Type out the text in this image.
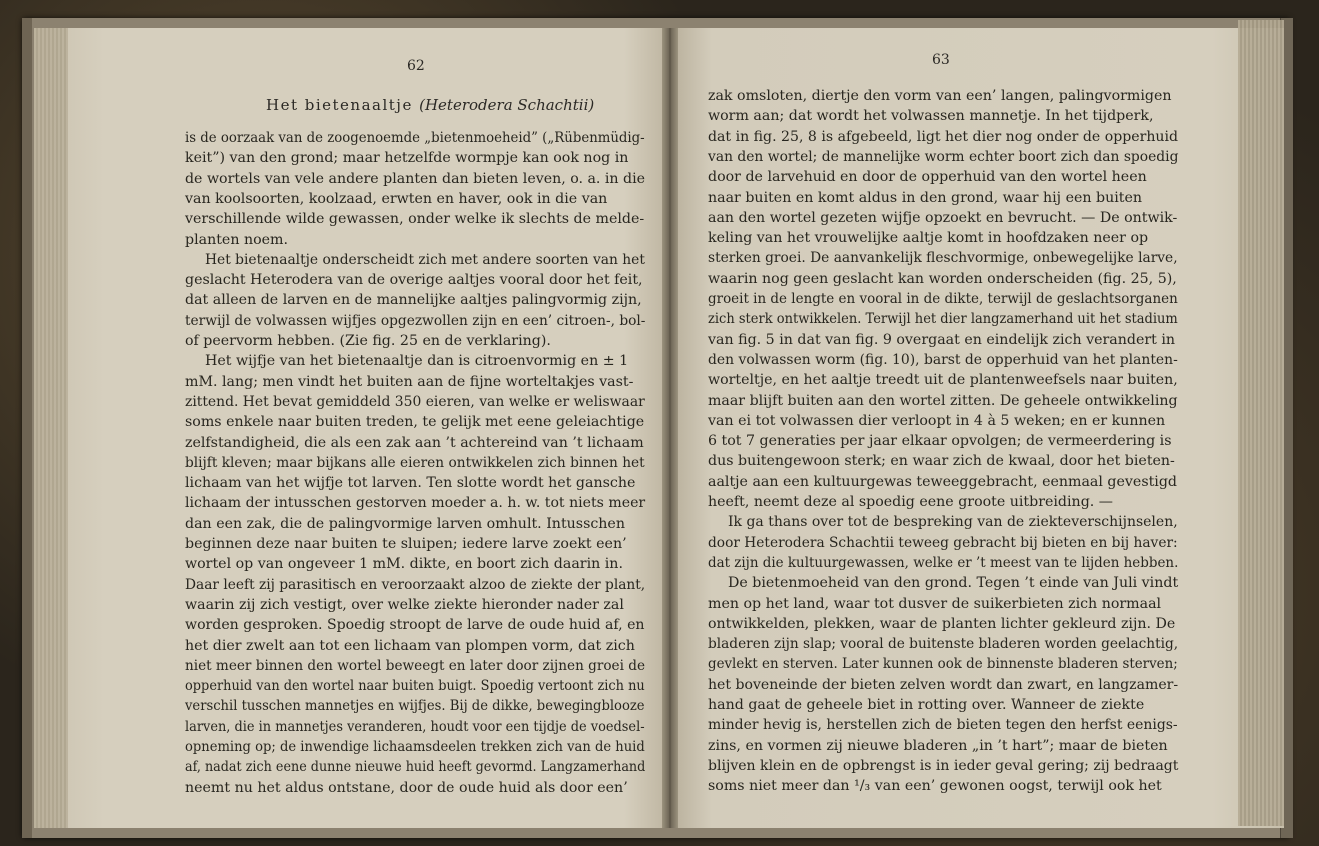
62
Het bietenaaltje (Heterodera Schachtii)
is de oorzaak van de zoogenoemde „bietenmoeheid” („Rübenmüdig-
keit”) van den grond; maar hetzelfde wormpje kan ook nog in
de wortels van vele andere planten dan bieten leven, o. a. in die
van koolsoorten, koolzaad, erwten en haver, ook in die van
verschillende wilde gewassen, onder welke ik slechts de melde-
planten noem.
Het bietenaaltje onderscheidt zich met andere soorten van het
geslacht Heterodera van de overige aaltjes vooral door het feit,
dat alleen de larven en de mannelijke aaltjes palingvormig zijn,
terwijl de volwassen wijfjes opgezwollen zijn en een’ citroen-, bol-
of peervorm hebben. (Zie fig. 25 en de verklaring).
Het wijfje van het bietenaaltje dan is citroenvormig en ± 1
mM. lang; men vindt het buiten aan de fijne worteltakjes vast-
zittend. Het bevat gemiddeld 350 eieren, van welke er weliswaar
soms enkele naar buiten treden, te gelijk met eene geleiachtige
zelfstandigheid, die als een zak aan ’t achtereind van ’t lichaam
blijft kleven; maar bijkans alle eieren ontwikkelen zich binnen het
lichaam van het wijfje tot larven. Ten slotte wordt het gansche
lichaam der intusschen gestorven moeder a. h. w. tot niets meer
dan een zak, die de palingvormige larven omhult. Intusschen
beginnen deze naar buiten te sluipen; iedere larve zoekt een’
wortel op van ongeveer 1 mM. dikte, en boort zich daarin in.
Daar leeft zij parasitisch en veroorzaakt alzoo de ziekte der plant,
waarin zij zich vestigt, over welke ziekte hieronder nader zal
worden gesproken. Spoedig stroopt de larve de oude huid af, en
het dier zwelt aan tot een lichaam van plompen vorm, dat zich
niet meer binnen den wortel beweegt en later door zijnen groei de
opperhuid van den wortel naar buiten buigt. Spoedig vertoont zich nu
verschil tusschen mannetjes en wijfjes. Bij de dikke, bewegingblooze
larven, die in mannetjes veranderen, houdt voor een tijdje de voedsel-
opneming op; de inwendige lichaamsdeelen trekken zich van de huid
af, nadat zich eene dunne nieuwe huid heeft gevormd. Langzamerhand
neemt nu het aldus ontstane, door de oude huid als door een’
63
zak omsloten, diertje den vorm van een’ langen, palingvormigen
worm aan; dat wordt het volwassen mannetje. In het tijdperk,
dat in fig. 25, 8 is afgebeeld, ligt het dier nog onder de opperhuid
van den wortel; de mannelijke worm echter boort zich dan spoedig
door de larvehuid en door de opperhuid van den wortel heen
naar buiten en komt aldus in den grond, waar hij een buiten
aan den wortel gezeten wijfje opzoekt en bevrucht. — De ontwik-
keling van het vrouwelijke aaltje komt in hoofdzaken neer op
sterken groei. De aanvankelijk fleschvormige, onbewegelijke larve,
waarin nog geen geslacht kan worden onderscheiden (fig. 25, 5),
groeit in de lengte en vooral in de dikte, terwijl de geslachtsorganen
zich sterk ontwikkelen. Terwijl het dier langzamerhand uit het stadium
van fig. 5 in dat van fig. 9 overgaat en eindelijk zich verandert in
den volwassen worm (fig. 10), barst de opperhuid van het planten-
worteltje, en het aaltje treedt uit de plantenweefsels naar buiten,
maar blijft buiten aan den wortel zitten. De geheele ontwikkeling
van ei tot volwassen dier verloopt in 4 à 5 weken; en er kunnen
6 tot 7 generaties per jaar elkaar opvolgen; de vermeerdering is
dus buitengewoon sterk; en waar zich de kwaal, door het bieten-
aaltje aan een kultuurgewas teweeggebracht, eenmaal gevestigd
heeft, neemt deze al spoedig eene groote uitbreiding. —
Ik ga thans over tot de bespreking van de ziekteverschijnselen,
door Heterodera Schachtii teweeg gebracht bij bieten en bij haver:
dat zijn die kultuurgewassen, welke er ’t meest van te lijden hebben.
De bietenmoeheid van den grond. Tegen ’t einde van Juli vindt
men op het land, waar tot dusver de suikerbieten zich normaal
ontwikkelden, plekken, waar de planten lichter gekleurd zijn. De
bladeren zijn slap; vooral de buitenste bladeren worden geelachtig,
gevlekt en sterven. Later kunnen ook de binnenste bladeren sterven;
het boveneinde der bieten zelven wordt dan zwart, en langzamer-
hand gaat de geheele biet in rotting over. Wanneer de ziekte
minder hevig is, herstellen zich de bieten tegen den herfst eenigs-
zins, en vormen zij nieuwe bladeren „in ’t hart”; maar de bieten
blijven klein en de opbrengst is in ieder geval gering; zij bedraagt
soms niet meer dan ¹/₃ van een’ gewonen oogst, terwijl ook het
